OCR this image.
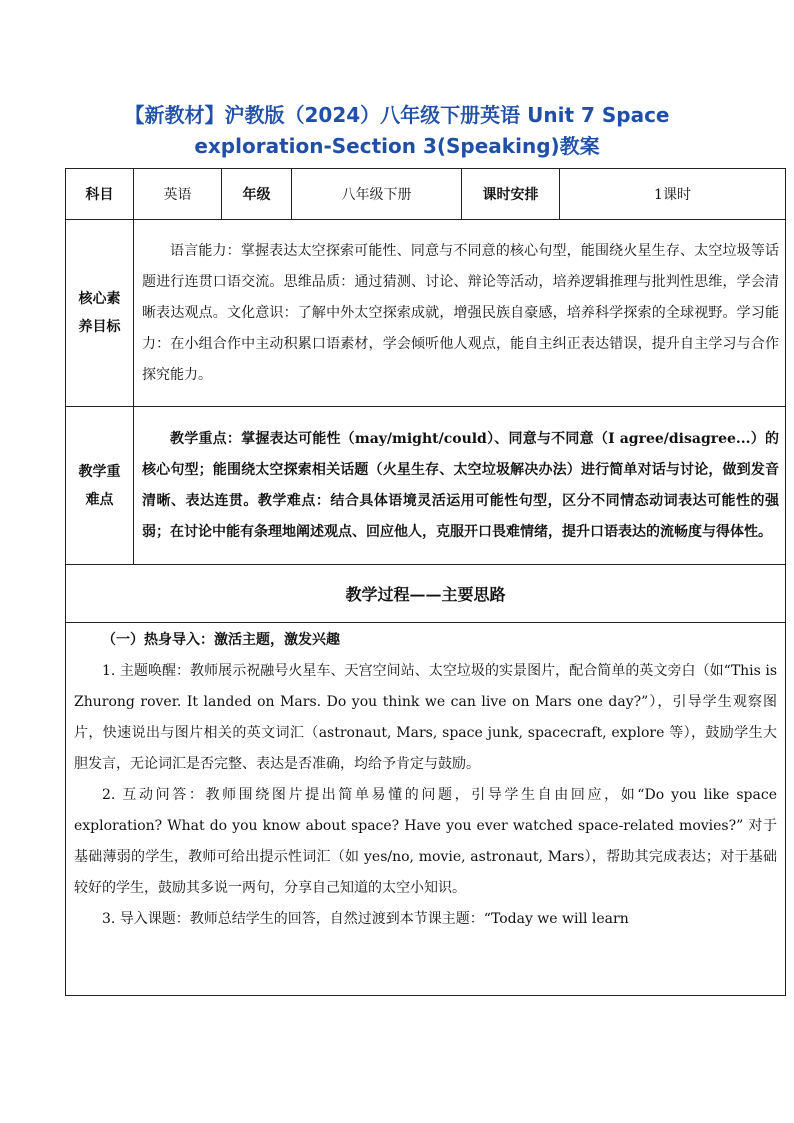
【新教材】沪教版（2024）八年级下册英语 Unit 7 Space
exploration-Section 3(Speaking)教案
科目	英语	年级	八年级下册	课时安排	1课时

核心素养目标	语言能力：掌握表达太空探索可能性、同意与不同意的核心句型，能围绕火星生存、太空垃圾等话题进行连贯口语交流。思维品质：通过猜测、讨论、辩论等活动，培养逻辑推理与批判性思维，学会清晰表达观点。文化意识：了解中外太空探索成就，增强民族自豪感，培养科学探索的全球视野。学习能力：在小组合作中主动积累口语素材，学会倾听他人观点，能自主纠正表达错误，提升自主学习与合作探究能力。				

教学重难点	教学重点：掌握表达可能性（may/might/could）、同意与不同意（I agree/disagree...）的核心句型；能围绕太空探索相关话题（火星生存、太空垃圾解决办法）进行简单对话与讨论，做到发音清晰、表达连贯。教学难点：结合具体语境灵活运用可能性句型，区分不同情态动词表达可能性的强弱；在讨论中能有条理地阐述观点、回应他人，克服开口畏难情绪，提升口语表达的流畅度与得体性。				
教学过程——主要思路					

（一）热身导入：激活主题，激发兴趣

1. 主题唤醒：教师展示祝融号火星车、天宫空间站、太空垃圾的实景图片，配合简单的英文旁白（如“This is Zhurong rover. It landed on Mars. Do you think we can live on Mars one day?”），引导学生观察图片，快速说出与图片相关的英文词汇（astronaut, Mars, space junk, spacecraft, explore 等），鼓励学生大胆发言，无论词汇是否完整、表达是否准确，均给予肯定与鼓励。

2. 互动问答：教师围绕图片提出简单易懂的问题，引导学生自由回应，如“Do you like space exploration? What do you know about space? Have you ever watched space-related movies?” 对于基础薄弱的学生，教师可给出提示性词汇（如 yes/no, movie, astronaut, Mars），帮助其完成表达；对于基础较好的学生，鼓励其多说一两句，分享自己知道的太空小知识。

3. 导入课题：教师总结学生的回答，自然过渡到本节课主题：“Today we will learn					
